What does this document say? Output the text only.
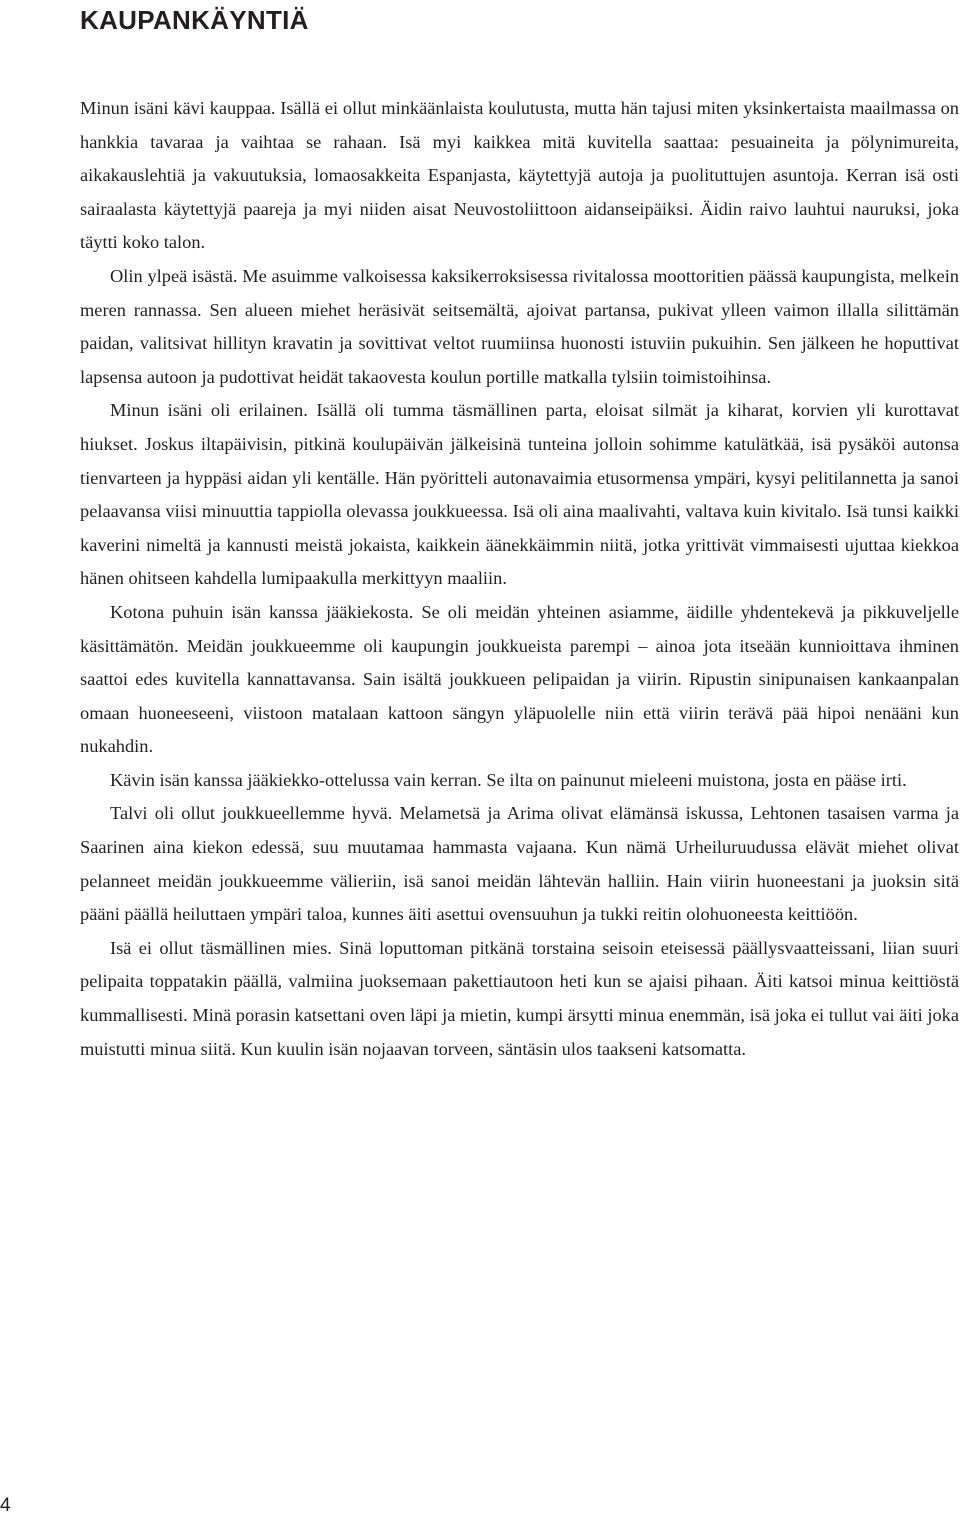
KAUPANKÄYNTIÄ

Minun isäni kävi kauppaa. Isällä ei ollut minkäänlaista koulutusta, mutta hän tajusi miten yksinkertaista maailmassa on hankkia tavaraa ja vaihtaa se rahaan. Isä myi kaikkea mitä kuvitella saattaa: pesuaineita ja pölynimureita, aikakauslehtiä ja vakuutuksia, lomaosakkeita Espanjasta, käytettyjä autoja ja puolituttujen asuntoja. Kerran isä osti sairaalasta käytettyjä paareja ja myi niiden aisat Neuvostoliittoon aidanseipäiksi. Äidin raivo lauhtui nauruksi, joka täytti koko talon.

Olin ylpeä isästä. Me asuimme valkoisessa kaksikerroksisessa rivitalossa moottoritien päässä kaupungista, melkein meren rannassa. Sen alueen miehet heräsivät seitsemältä, ajoivat partansa, pukivat ylleen vaimon illalla silittämän paidan, valitsivat hillityn kravatin ja sovittivat veltot ruumiinsa huonosti istuviin pukuihin. Sen jälkeen he hoputtivat lapsensa autoon ja pudottivat heidät takaovesta koulun portille matkalla tylsiin toimistoihinsa.

Minun isäni oli erilainen. Isällä oli tumma täsmällinen parta, eloisat silmät ja kiharat, korvien yli kurottavat hiukset. Joskus iltapäivisin, pitkinä koulupäivän jälkeisinä tunteina jolloin sohimme katulätkää, isä pysäköi autonsa tienvarteen ja hyppäsi aidan yli kentälle. Hän pyöritteli autonavaimia etusormensa ympäri, kysyi pelitilannetta ja sanoi pelaavansa viisi minuuttia tappiolla olevassa joukkueessa. Isä oli aina maalivahti, valtava kuin kivitalo. Isä tunsi kaikki kaverini nimeltä ja kannusti meistä jokaista, kaikkein äänekkäimmin niitä, jotka yrittivät vimmaisesti ujuttaa kiekkoa hänen ohitseen kahdella lumipaakulla merkittyyn maaliin.

Kotona puhuin isän kanssa jääkiekosta. Se oli meidän yhteinen asiamme, äidille yhdentekevä ja pikkuveljelle käsittämätön. Meidän joukkueemme oli kaupungin joukkueista parempi – ainoa jota itseään kunnioittava ihminen saattoi edes kuvitella kannattavansa. Sain isältä joukkueen pelipaidan ja viirin. Ripustin sinipunaisen kankaanpalan omaan huoneeseeni, viistoon matalaan kattoon sängyn yläpuolelle niin että viirin terävä pää hipoi nenääni kun nukahdin.

Kävin isän kanssa jääkiekko-ottelussa vain kerran. Se ilta on painunut mieleeni muistona, josta en pääse irti.

Talvi oli ollut joukkueellemme hyvä. Melametsä ja Arima olivat elämänsä iskussa, Lehtonen tasaisen varma ja Saarinen aina kiekon edessä, suu muutamaa hammasta vajaana. Kun nämä Urheiluruudussa elävät miehet olivat pelanneet meidän joukkueemme välieriin, isä sanoi meidän lähtevän halliin. Hain viirin huoneestani ja juoksin sitä pääni päällä heiluttaen ympäri taloa, kunnes äiti asettui ovensuuhun ja tukki reitin olohuoneesta keittiöön.

Isä ei ollut täsmällinen mies. Sinä loputtoman pitkänä torstaina seisoin eteisessä päällysvaatteissani, liian suuri pelipaita toppatakin päällä, valmiina juoksemaan pakettiautoon heti kun se ajaisi pihaan. Äiti katsoi minua keittiöstä kummallisesti. Minä porasin katsettani oven läpi ja mietin, kumpi ärsytti minua enemmän, isä joka ei tullut vai äiti joka muistutti minua siitä. Kun kuulin isän nojaavan torveen, säntäsin ulos taakseni katsomatta.

4
